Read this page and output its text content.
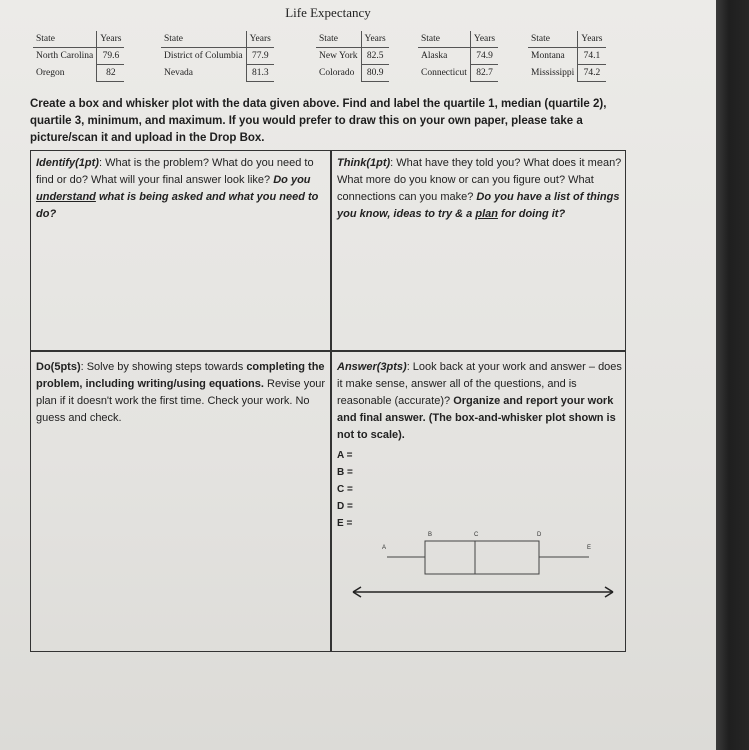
Life Expectancy
State	Years
North Carolina	79.6
Oregon	82
State	Years
District of Columbia	77.9
Nevada	81.3
State	Years
New York	82.5
Colorado	80.9
State	Years
Alaska	74.9
Connecticut	82.7
State	Years
Montana	74.1
Mississippi	74.2
Create a box and whisker plot with the data given above. Find and label the quartile 1, median (quartile 2), quartile 3, minimum, and maximum. If you would prefer to draw this on your own paper, please take a picture/scan it and upload in the Drop Box.
Identify(1pt): What is the problem? What do you need to find or do? What will your final answer look like? Do you understand what is being asked and what you need to do?
Think(1pt): What have they told you? What does it mean? What more do you know or can you figure out? What connections can you make? Do you have a list of things you know, ideas to try & a plan for doing it?
Do(5pts): Solve by showing steps towards completing the problem, including writing/using equations. Revise your plan if it doesn't work the first time. Check your work. No guess and check.
Answer(3pts): Look back at your work and answer – does it make sense, answer all of the questions, and is reasonable (accurate)? Organize and report your work and final answer. (The box-and-whisker plot shown is not to scale).
A =
B =
C =
D =
E =
A
B	C	D
E
